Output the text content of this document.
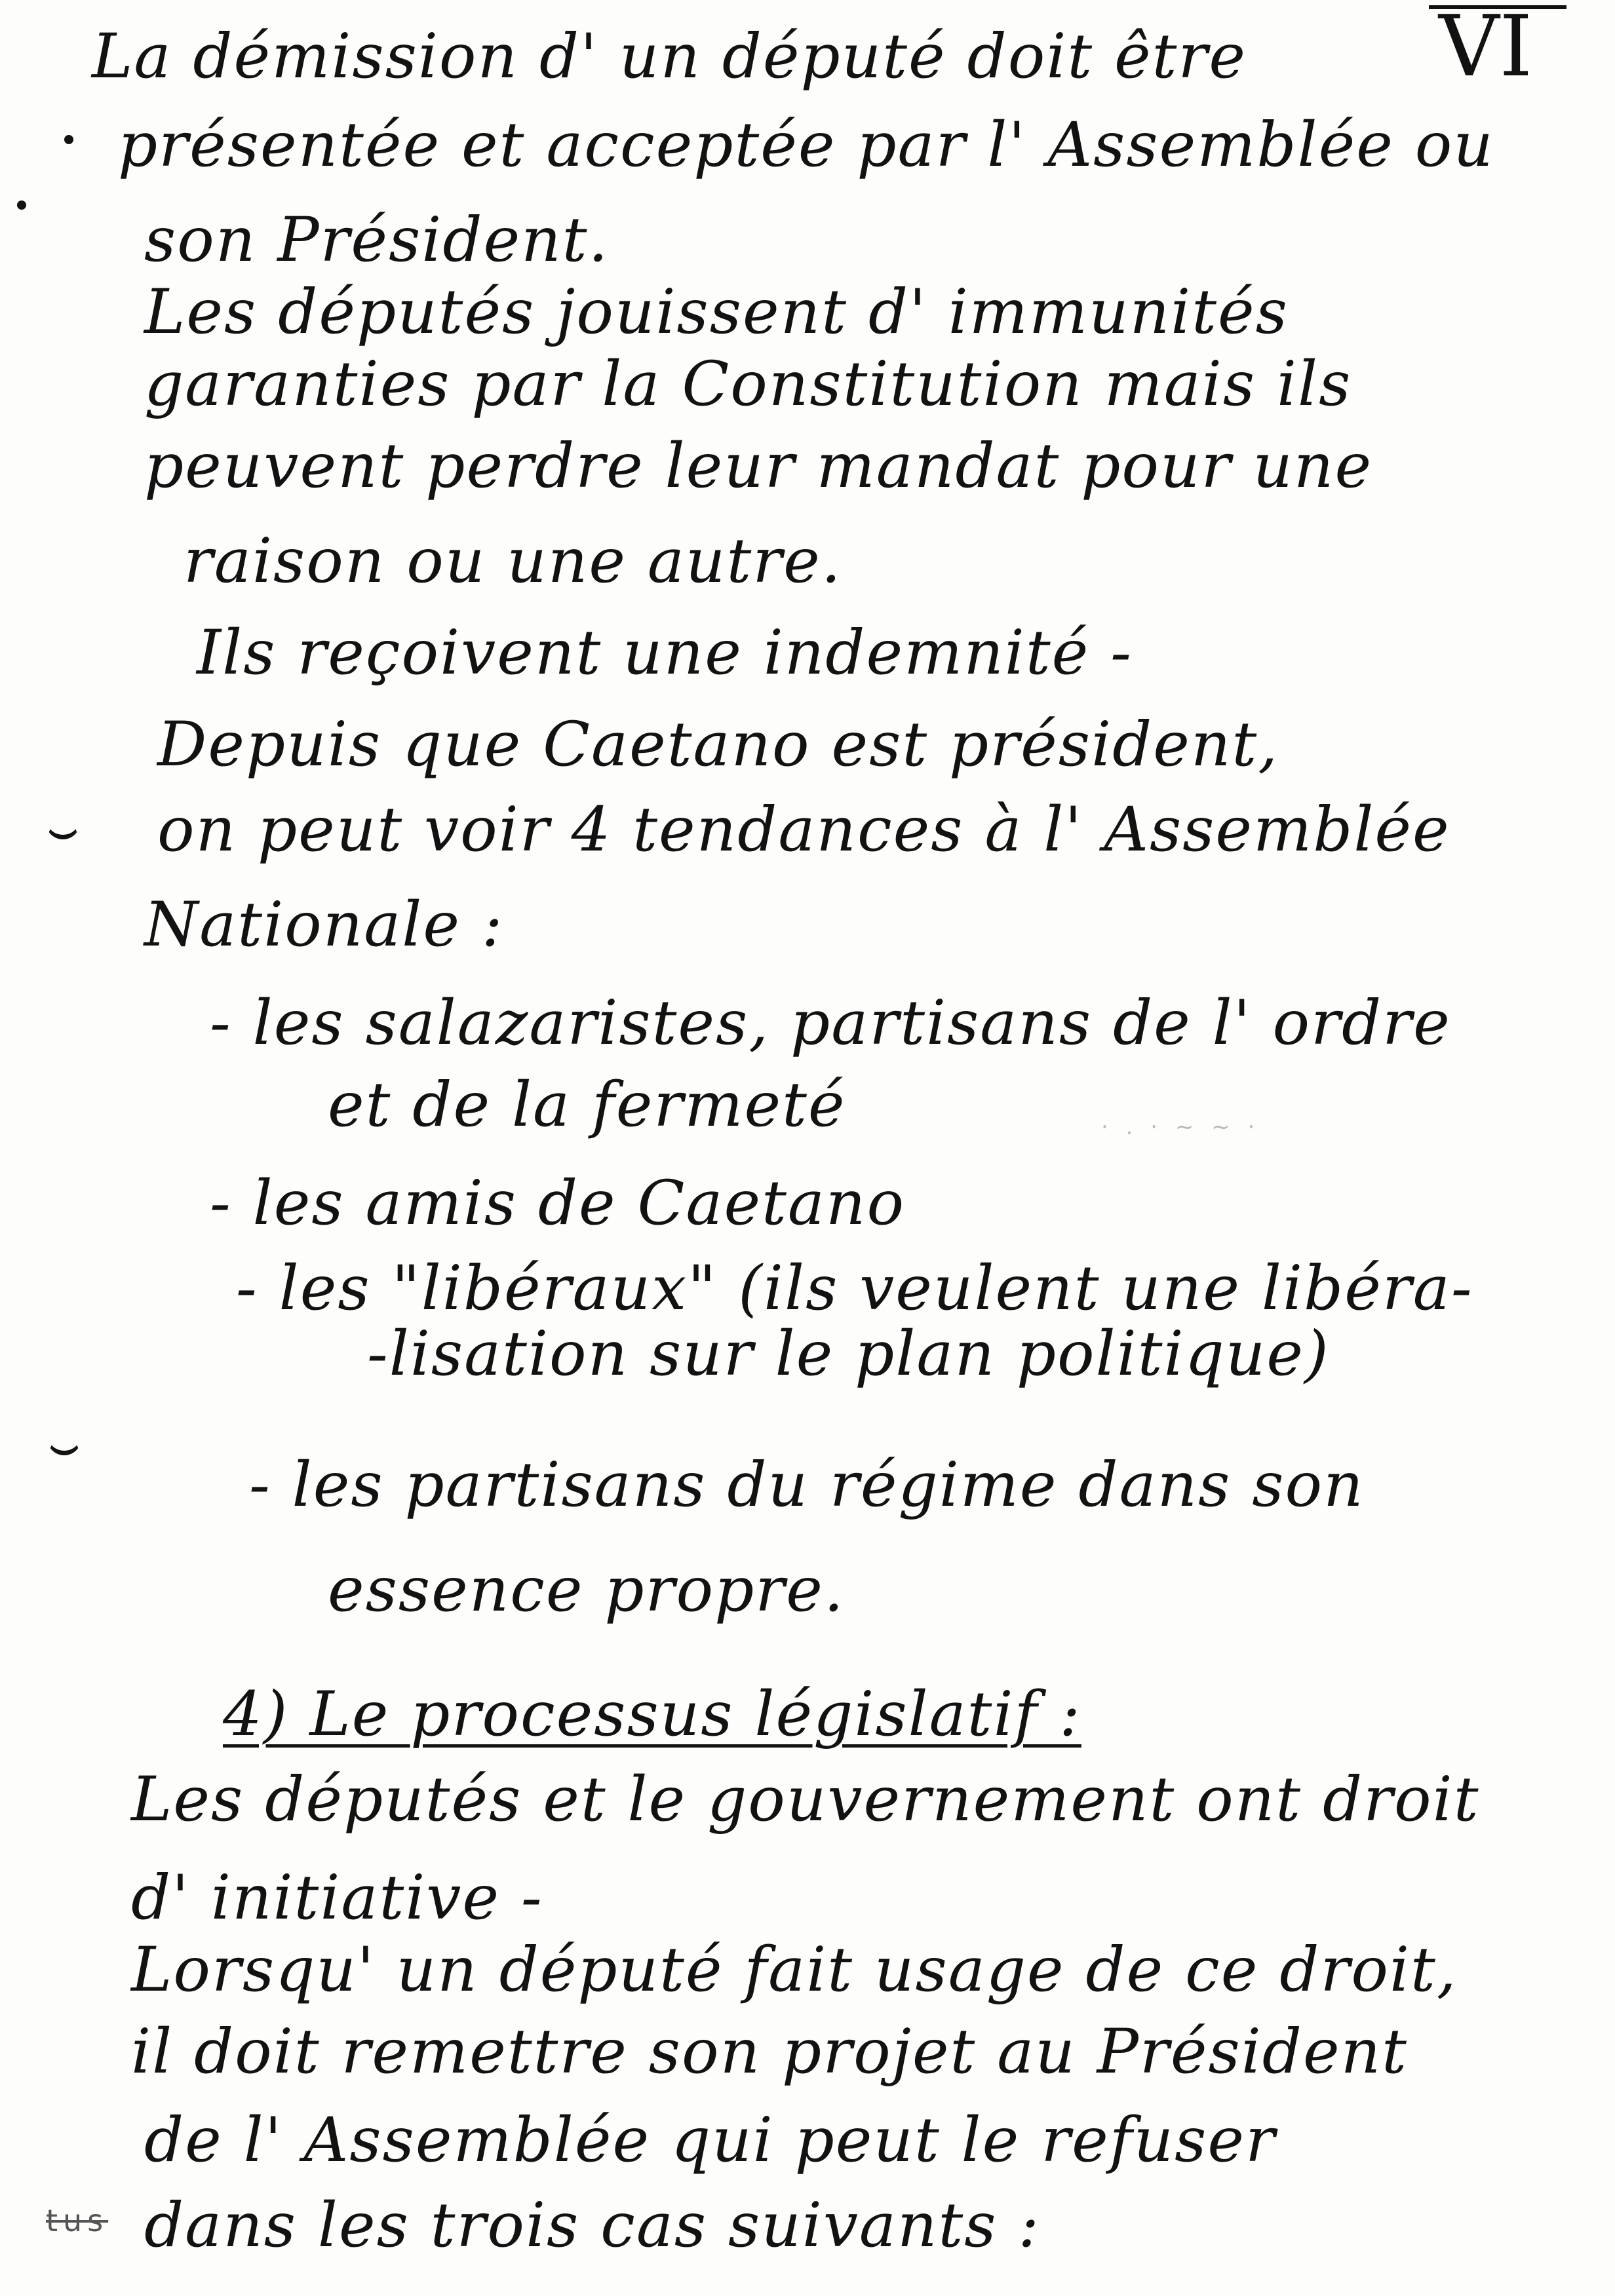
VI
La démission d' un député doit être
présentée et acceptée par l' Assemblée ou
son Président.
Les députés jouissent d' immunités
garanties par la Constitution mais ils
peuvent perdre leur mandat pour une
raison ou une autre.
Ils reçoivent une indemnité -
Depuis que Caetano est président,
on peut voir 4 tendances à l' Assemblée
Nationale :
- les salazaristes, partisans de l' ordre
et de la fermeté
- les amis de Caetano
- les "libéraux" (ils veulent une libéra-
-lisation sur le plan politique)
- les partisans du régime dans son
essence propre.
4) Le processus législatif :
Les députés et le gouvernement ont droit
d' initiative -
Lorsqu' un député fait usage de ce droit,
il doit remettre son projet au Président
de l' Assemblée qui peut le refuser
dans les trois cas suivants :
tus
· . · ~ ~ ·
